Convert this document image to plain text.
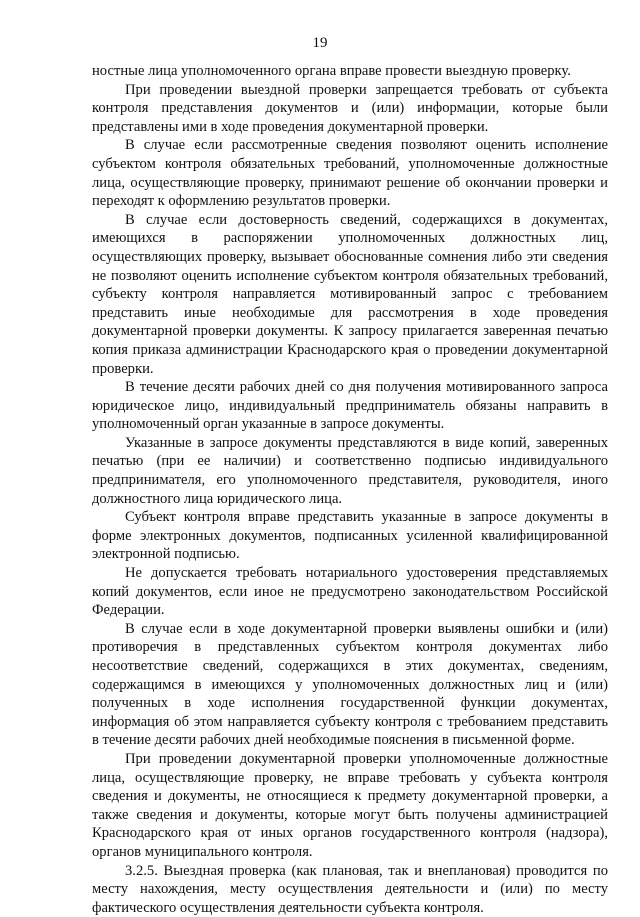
19

ностные лица уполномоченного органа вправе провести выездную проверку.

При проведении выездной проверки запрещается требовать от субъекта контроля представления документов и (или) информации, которые были представлены ими в ходе проведения документарной проверки.

В случае если рассмотренные сведения позволяют оценить исполнение субъектом контроля обязательных требований, уполномоченные должностные лица, осуществляющие проверку, принимают решение об окончании проверки и переходят к оформлению результатов проверки.

В случае если достоверность сведений, содержащихся в документах, имеющихся в распоряжении уполномоченных должностных лиц, осуществляющих проверку, вызывает обоснованные сомнения либо эти сведения не позволяют оценить исполнение субъектом контроля обязательных требований, субъекту контроля направляется мотивированный запрос с требованием представить иные необходимые для рассмотрения в ходе проведения документарной проверки документы. К запросу прилагается заверенная печатью копия приказа администрации Краснодарского края о проведении документарной проверки.

В течение десяти рабочих дней со дня получения мотивированного запроса юридическое лицо, индивидуальный предприниматель обязаны направить в уполномоченный орган указанные в запросе документы.

Указанные в запросе документы представляются в виде копий, заверенных печатью (при ее наличии) и соответственно подписью индивидуального предпринимателя, его уполномоченного представителя, руководителя, иного должностного лица юридического лица.

Субъект контроля вправе представить указанные в запросе документы в форме электронных документов, подписанных усиленной квалифицированной электронной подписью.

Не допускается требовать нотариального удостоверения представляемых копий документов, если иное не предусмотрено законодательством Российской Федерации.

В случае если в ходе документарной проверки выявлены ошибки и (или) противоречия в представленных субъектом контроля документах либо несоответствие сведений, содержащихся в этих документах, сведениям, содержащимся в имеющихся у уполномоченных должностных лиц и (или) полученных в ходе исполнения государственной функции документах, информация об этом направляется субъекту контроля с требованием представить в течение десяти рабочих дней необходимые пояснения в письменной форме.

При проведении документарной проверки уполномоченные должностные лица, осуществляющие проверку, не вправе требовать у субъекта контроля сведения и документы, не относящиеся к предмету документарной проверки, а также сведения и документы, которые могут быть получены администрацией Краснодарского края от иных органов государственного контроля (надзора), органов муниципального контроля.

3.2.5. Выездная проверка (как плановая, так и внеплановая) проводится по месту нахождения, месту осуществления деятельности и (или) по месту фактического осуществления деятельности субъекта контроля.
